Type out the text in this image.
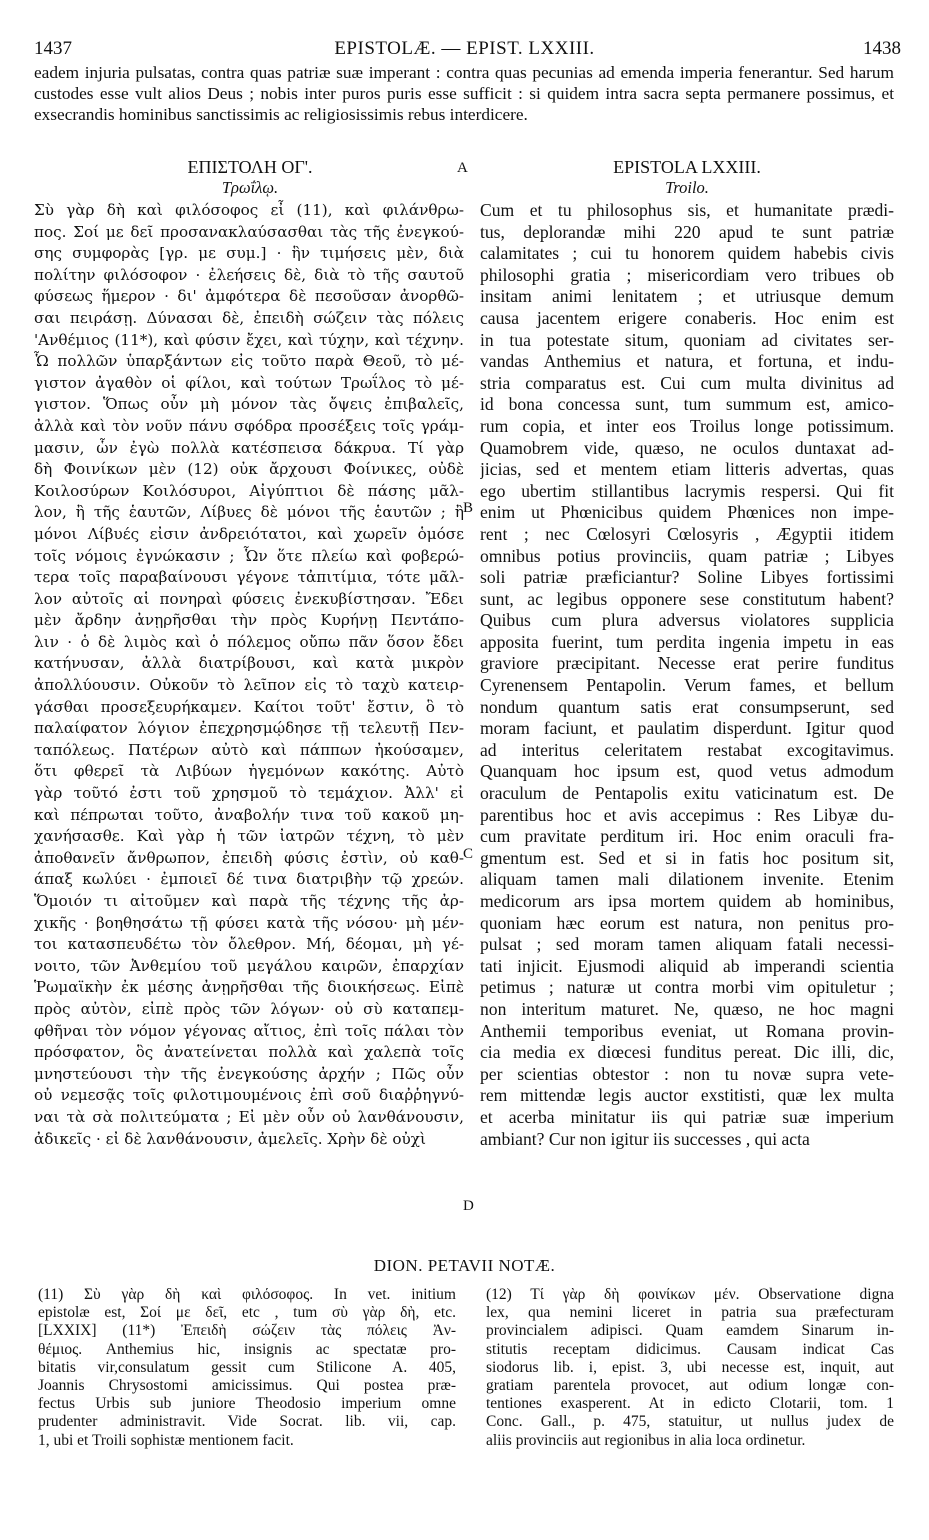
1437	EPISTOLÆ. — EPIST. LXXIII.	1438
eadem injuria pulsatas, contra quas patriæ suæ imperant : contra quas pecunias ad emenda imperia fenerantur. Sed harum custodes esse vult alios Deus ; nobis inter puros puris esse sufficit : si quidem intra sacra septa permanere possimus, et exsecrandis hominibus sanctissimis ac religiosissimis rebus interdicere.
ΕΠΙΣΤΟΛΗ ΟΓ'.
Τρωΐλῳ.
EPISTOLA LXXIII.
Troilo.
A
B
C
D
Σὺ γὰρ δὴ καὶ φιλόσοφος εἶ (11), καὶ φιλάνθρω-
πος. Σοί με δεῖ προσανακλαύσασθαι τὰς τῆς ἐνεγκού-
σης συμφορὰς [γρ. με συμ.] · ἣν τιμήσεις μὲν, διὰ
πολίτην φιλόσοφον · ἐλεήσεις δὲ, διὰ τὸ τῆς σαυτοῦ
φύσεως ἥμερον · δι' ἀμφότερα δὲ πεσοῦσαν ἀνορθῶ-
σαι πειράσῃ. Δύνασαι δὲ, ἐπειδὴ σώζειν τὰς πόλεις
'Ανθέμιος (11*), καὶ φύσιν ἔχει, καὶ τύχην, καὶ τέχνην.
Ὧ πολλῶν ὑπαρξάντων εἰς τοῦτο παρὰ Θεοῦ, τὸ μέ-
γιστον ἀγαθὸν οἱ φίλοι, καὶ τούτων Τρωΐλος τὸ μέ-
γιστον. Ὅπως οὖν μὴ μόνον τὰς ὄψεις ἐπιβαλεῖς,
ἀλλὰ καὶ τὸν νοῦν πάνυ σφόδρα προσέξεις τοῖς γράμ-
μασιν, ὧν ἐγὼ πολλὰ κατέσπεισα δάκρυα. Τί γὰρ
δὴ Φοινίκων μὲν (12) οὐκ ἄρχουσι Φοίνικες, οὐδὲ
Κοιλοσύρων Κοιλόσυροι, Αἰγύπτιοι δὲ πάσης μᾶλ-
λον, ἢ τῆς ἑαυτῶν, Λίβυες δὲ μόνοι τῆς ἑαυτῶν ; ἢ
μόνοι Λίβυές εἰσιν ἀνδρειότατοι, καὶ χωρεῖν ὁμόσε
τοῖς νόμοις ἐγνώκασιν ; Ὧν ὅτε πλείω καὶ φοβερώ-
τερα τοῖς παραβαίνουσι γέγονε τἀπιτίμια, τότε μᾶλ-
λον αὐτοῖς αἱ πονηραὶ φύσεις ἐνεκυβίστησαν. Ἔδει
μὲν ἄρδην ἀνῃρῆσθαι τὴν πρὸς Κυρήνῃ Πεντάπο-
λιν · ὁ δὲ λιμὸς καὶ ὁ πόλεμος οὔπω πᾶν ὅσον ἔδει
κατήνυσαν, ἀλλὰ διατρίβουσι, καὶ κατὰ μικρὸν
ἀπολλύουσιν. Οὐκοῦν τὸ λεῖπον εἰς τὸ ταχὺ κατειρ-
γάσθαι προσεξευρήκαμεν. Καίτοι τοῦτ' ἔστιν, ὃ τὸ
παλαίφατον λόγιον ἐπεχρησμῴδησε τῇ τελευτῇ Πεν-
ταπόλεως. Πατέρων αὐτὸ καὶ πάππων ἠκούσαμεν,
ὅτι φθερεῖ τὰ Λιβύων ἡγεμόνων κακότης. Αὐτὸ
γὰρ τοῦτό ἐστι τοῦ χρησμοῦ τὸ τεμάχιον. Ἀλλ' εἰ
καὶ πέπρωται τοῦτο, ἀναβολήν τινα τοῦ κακοῦ μη-
χανήσασθε. Καὶ γὰρ ἡ τῶν ἰατρῶν τέχνη, τὸ μὲν
ἀποθανεῖν ἄνθρωπον, ἐπειδὴ φύσις ἐστὶν, οὐ καθ-
άπαξ κωλύει · ἐμποιεῖ δέ τινα διατριβὴν τῷ χρεών.
Ὅμοιόν τι αἰτοῦμεν καὶ παρὰ τῆς τέχνης τῆς ἀρ-
χικῆς · βοηθησάτω τῇ φύσει κατὰ τῆς νόσου· μὴ μέν-
τοι κατασπευδέτω τὸν ὄλεθρον. Μή, δέομαι, μὴ γέ-
νοιτο, τῶν Ἀνθεμίου τοῦ μεγάλου καιρῶν, ἐπαρχίαν
Ῥωμαϊκὴν ἐκ μέσης ἀνῃρῆσθαι τῆς διοικήσεως. Εἰπὲ
πρὸς αὐτὸν, εἰπὲ πρὸς τῶν λόγων· οὐ σὺ καταπεμ-
φθῆναι τὸν νόμον γέγονας αἴτιος, ἐπὶ τοῖς πάλαι τὸν
πρόσφατον, ὃς ἀνατείνεται πολλὰ καὶ χαλεπὰ τοῖς
μνηστεύουσι τὴν τῆς ἐνεγκούσης ἀρχήν ; Πῶς οὖν
οὐ νεμεσᾷς τοῖς φιλοτιμουμένοις ἐπὶ σοῦ διαῤῥηγνύ-
ναι τὰ σὰ πολιτεύματα ; Εἰ μὲν οὖν οὐ λανθάνουσιν,
ἀδικεῖς · εἰ δὲ λανθάνουσιν, ἀμελεῖς. Χρὴν δὲ οὐχὶ
Cum et tu philosophus sis, et humanitate prædi-
tus, deplorandæ mihi 220 apud te sunt patriæ
calamitates ; cui tu honorem quidem habebis civis
philosophi gratia ; misericordiam vero tribues ob
insitam animi lenitatem ; et utriusque demum
causa jacentem erigere conaberis. Hoc enim est
in tua potestate situm, quoniam ad civitates ser-
vandas Anthemius et natura, et fortuna, et indu-
stria comparatus est. Cui cum multa divinitus ad
id bona concessa sunt, tum summum est, amico-
rum copia, et inter eos Troilus longe potissimum.
Quamobrem vide, quæso, ne oculos duntaxat ad-
jicias, sed et mentem etiam litteris advertas, quas
ego ubertim stillantibus lacrymis respersi. Qui fit
enim ut Phœnicibus quidem Phœnices non impe-
rent ; nec Cœlosyri Cœlosyris , Ægyptii itidem
omnibus potius provinciis, quam patriæ ; Libyes
soli patriæ præficiantur? Soline Libyes fortissimi
sunt, ac legibus opponere sese constitutum habent?
Quibus cum plura adversus violatores supplicia
apposita fuerint, tum perdita ingenia impetu in eas
graviore præcipitant. Necesse erat perire funditus
Cyrenensem Pentapolin. Verum fames, et bellum
nondum quantum satis erat consumpserunt, sed
moram faciunt, et paulatim disperdunt. Igitur quod
ad interitus celeritatem restabat excogitavimus.
Quanquam hoc ipsum est, quod vetus admodum
oraculum de Pentapolis exitu vaticinatum est. De
parentibus hoc et avis accepimus : Res Libyæ du-
cum pravitate perditum iri. Hoc enim oraculi fra-
gmentum est. Sed et si in fatis hoc positum sit,
aliquam tamen mali dilationem invenite. Etenim
medicorum ars ipsa mortem quidem ab hominibus,
quoniam hæc eorum est natura, non penitus pro-
pulsat ; sed moram tamen aliquam fatali necessi-
tati injicit. Ejusmodi aliquid ab imperandi scientia
petimus ; naturæ ut contra morbi vim opituletur ;
non interitum maturet. Ne, quæso, ne hoc magni
Anthemii temporibus eveniat, ut Romana provin-
cia media ex diœcesi funditus pereat. Dic illi, dic,
per scientias obtestor : non tu novæ supra vete-
rem mittendæ legis auctor exstitisti, quæ lex multa
et acerba minitatur iis qui patriæ suæ imperium
ambiant? Cur non igitur iis successes , qui acta
DION. PETAVII NOTÆ.
(11) Σὺ γὰρ δὴ καὶ φιλόσοφος. In vet. initium
epistolæ est, Σοί με δεῖ, etc , tum σὺ γὰρ δὴ, etc.
[LXXIX] (11*) Ἐπειδὴ σώζειν τὰς πόλεις Ἀν-
θέμιος. Anthemius hic, insignis ac spectatæ pro-
bitatis vir,consulatum gessit cum Stilicone A. 405,
Joannis Chrysostomi amicissimus. Qui postea præ-
fectus Urbis sub juniore Theodosio imperium omne
prudenter administravit. Vide Socrat. lib. vii, cap.
1, ubi et Troili sophistæ mentionem facit.
(12) Τί γὰρ δὴ φοινίκων μέν. Observatione digna
lex, qua nemini liceret in patria sua præfecturam
provincialem adipisci. Quam eamdem Sinarum in-
stitutis receptam didicimus. Causam indicat Cas
siodorus lib. i, epist. 3, ubi necesse est, inquit, aut
gratiam parentela provocet, aut odium longæ con-
tentiones exasperent. At in edicto Clotarii, tom. 1
Conc. Gall., p. 475, statuitur, ut nullus judex de
aliis provinciis aut regionibus in alia loca ordinetur.
